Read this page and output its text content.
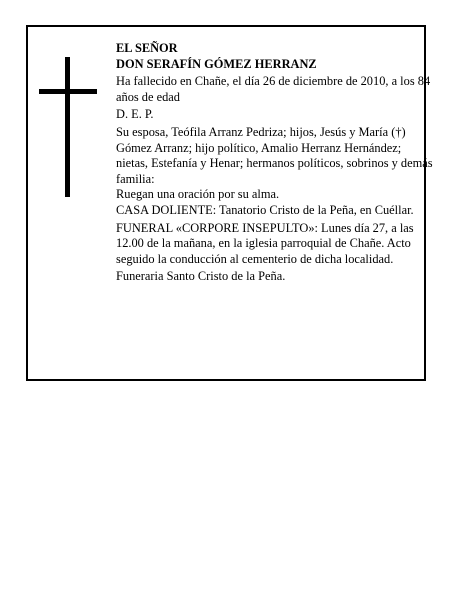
EL SEÑOR

DON SERAFÍN GÓMEZ HERRANZ

Ha fallecido en Chañe, el día 26 de diciembre de 2010, a los 84 años de edad

D. E. P.

Su esposa, Teófila Arranz Pedriza; hijos, Jesús y María (†) Gómez Arranz; hijo político, Amalio Herranz Hernández; nietas, Estefanía y Henar; hermanos políticos, sobrinos y demás familia:

Ruegan una oración por su alma.

CASA DOLIENTE: Tanatorio Cristo de la Peña, en Cuéllar.

FUNERAL «CORPORE INSEPULTO»: Lunes día 27, a las 12.00 de la mañana, en la iglesia parroquial de Chañe. Acto seguido la conducción al cementerio de dicha localidad.

Funeraria Santo Cristo de la Peña.
